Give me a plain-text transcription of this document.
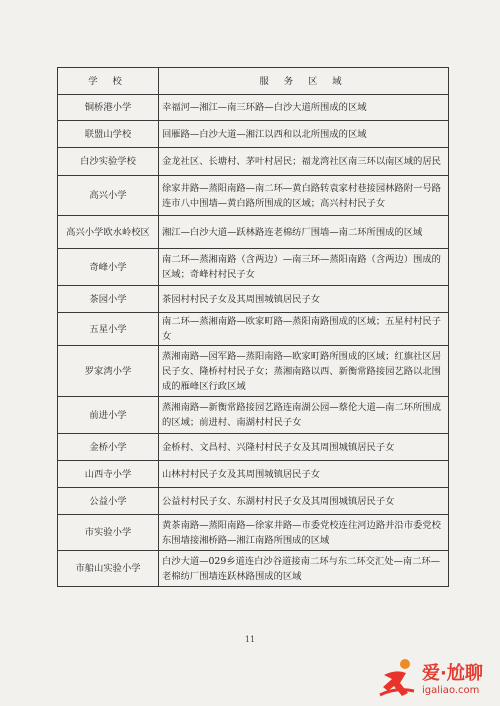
学 校	服 务 区 域
铜桥港小学	幸福河—湘江—南三环路—白沙大道所围成的区域
联盟山学校	回雁路—白沙大道—湘江以西和以北所围成的区域
白沙实验学校	金龙社区、长塘村、茅叶村居民；福龙湾社区南三环以南区域的居民
高兴小学	徐家井路—蒸阳南路—南二环—黄白路转袁家村巷接园林路附一号路连市八中围墙—黄白路所围成的区域；高兴村村民子女
高兴小学欧水岭校区	湘江—白沙大道—跃林路连老棉纺厂围墙—南二环所围成的区域
奇峰小学	南二环—蒸湘南路（含两边）—南三环—蒸阳南路（含两边）围成的区域；奇峰村村民子女
茶园小学	茶园村村民子女及其周围城镇居民子女
五星小学	南二环—蒸湘南路—欧家町路—蒸阳南路围成的区域；五星村村民子女
罗家湾小学	蒸湘南路—园军路—蒸阳南路—欧家町路所围成的区域；红旗社区居民子女、隆桥村村民子女；蒸湘南路以西、新衡常路接园艺路以北围成的雁峰区行政区域
前进小学	蒸湘南路—新衡常路接园艺路连南湖公园—蔡伦大道—南二环所围成的区域；前进村、南湖村村民子女
金桥小学	金桥村、文昌村、兴隆村村民子女及其周围城镇居民子女
山西寺小学	山林村村民子女及其周围城镇居民子女
公益小学	公益村村民子女、东湖村村民子女及其周围城镇居民子女
市实验小学	黄茶南路—蒸阳南路—徐家井路—市委党校连往河边路并沿市委党校东围墙接湘桥路—湘江南路所围成的区域
市船山实验小学	白沙大道—029乡道连白沙谷道接南二环与东二环交汇处—南二环—老棉纺厂围墙连跃林路围成的区域
11
爱·尬聊
igaliao.com
